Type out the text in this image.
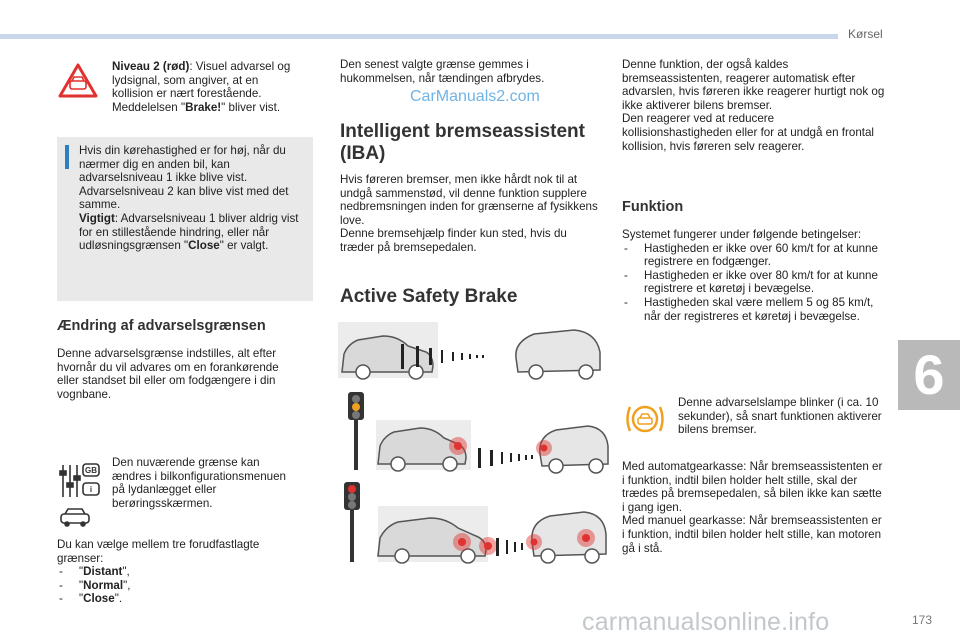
Kørsel
6
173
CarManuals2.com
Niveau 2 (rød): Visuel advarsel og lydsignal, som angiver, at en kollision er nært forestående. Meddelelsen "Brake!" bliver vist.
Hvis din kørehastighed er for høj, når du nærmer dig en anden bil, kan advarselsniveau 1 ikke blive vist. Advarselsniveau 2 kan blive vist med det samme.
Vigtigt: Advarselsniveau 1 bliver aldrig vist for en stillestående hindring, eller når udløsningsgrænsen "Close" er valgt.
Ændring af advarselsgrænsen
Denne advarselsgrænse indstilles, alt efter hvornår du vil advares om en forankørende eller standset bil eller om fodgængere i din vognbane.
GB
i
Den nuværende grænse kan ændres i bilkonfigurationsmenuen på lydanlægget eller berøringsskærmen.
Du kan vælge mellem tre forudfastlagte grænser:
- "Distant",
- "Normal",
- "Close".
Den senest valgte grænse gemmes i hukommelsen, når tændingen afbrydes.
Intelligent bremseassistent (IBA)
Hvis føreren bremser, men ikke hårdt nok til at undgå sammenstød, vil denne funktion supplere nedbremsningen inden for grænserne af fysikkens love.
Denne bremsehjælp finder kun sted, hvis du træder på bremsepedalen.
Active Safety Brake
Denne funktion, der også kaldes bremseassistenten, reagerer automatisk efter advarslen, hvis føreren ikke reagerer hurtigt nok og ikke aktiverer bilens bremser.
Den reagerer ved at reducere kollisionshastigheden eller for at undgå en frontal kollision, hvis føreren selv reagerer.
Funktion
Systemet fungerer under følgende betingelser:
- Hastigheden er ikke over 60 km/t for at kunne registrere en fodgænger.
- Hastigheden er ikke over 80 km/t for at kunne registrere et køretøj i bevægelse.
- Hastigheden skal være mellem 5 og 85 km/t, når der registreres et køretøj i bevægelse.
Denne advarselslampe blinker (i ca. 10 sekunder), så snart funktionen aktiverer bilens bremser.
Med automatgearkasse: Når bremseassistenten er i funktion, indtil bilen holder helt stille, skal der trædes på bremsepedalen, så bilen ikke kan sætte i gang igen.
Med manuel gearkasse: Når bremseassistenten er i funktion, indtil bilen holder helt stille, kan motoren gå i stå.
carmanualsonline.info
